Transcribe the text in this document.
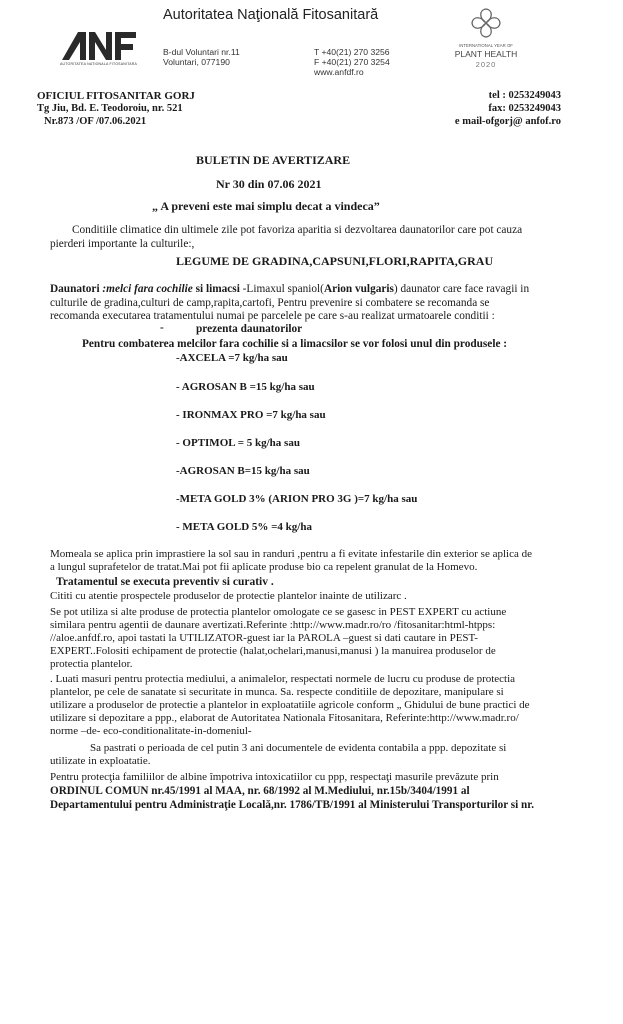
AUTORITATEA NATIONALA FITOSANITARA
Autoritatea Naţională Fitosanitară
B-dul Voluntari nr.11
Voluntari, 077190
T +40(21) 270 3256
F +40(21) 270 3254
www.anfdf.ro
INTERNATIONAL YEAR OF
PLANT HEALTH
2020
OFICIUL FITOSANITAR GORJ
Tg Jiu, Bd. E. Teodoroiu, nr. 521
Nr.873 /OF /07.06.2021
tel : 0253249043
fax: 0253249043
e mail-ofgorj@ anfof.ro
BULETIN DE AVERTIZARE
Nr 30 din 07.06 2021
„ A preveni este mai simplu decat a vindeca”
Conditiile climatice din ultimele zile pot favoriza aparitia si dezvoltarea daunatorilor care pot cauza
pierderi importante la culturile:,
LEGUME DE GRADINA,CAPSUNI,FLORI,RAPITA,GRAU
Daunatori :melci fara cochilie si limacsi -Limaxul spaniol(Arion vulgaris) daunator care face ravagii in
culturile de gradina,culturi de camp,rapita,cartofi, Pentru prevenire si combatere se recomanda se
recomanda executarea tratamentului numai pe parcelele pe care s-au realizat urmatoarele conditii :
-	prezenta daunatorilor
Pentru combaterea melcilor fara cochilie si a limacsilor se vor folosi unul din produsele :
-AXCELA =7 kg/ha sau
- AGROSAN B =15 kg/ha sau
- IRONMAX PRO =7 kg/ha sau
- OPTIMOL = 5 kg/ha sau
-AGROSAN B=15 kg/ha sau
-META GOLD 3% (ARION PRO 3G )=7 kg/ha sau
- META GOLD 5% =4 kg/ha
Momeala se aplica prin imprastiere la sol sau in randuri ,pentru a fi evitate infestarile din exterior se aplica de
a lungul suprafetelor de tratat.Mai pot fii aplicate produse bio ca repelent granulat de la Homevo.
Tratamentul se executa preventiv si curativ .
Cititi cu atentie prospectele produselor de protectie plantelor inainte de utilizarc .
Se pot utiliza si alte produse de protectia plantelor omologate ce se gasesc in PEST EXPERT cu actiune
similara pentru agentii de daunare avertizati.Referinte :http://www.madr.ro/ro /fitosanitar:html-htpps:
//aloe.anfdf.ro, apoi tastati la UTILIZATOR-guest iar la PAROLA –guest si dati cautare in PEST-
EXPERT..Folositi echipament de protectie (halat,ochelari,manusi,manusi ) la manuirea produselor de
protectia plantelor.
. Luati masuri pentru protectia mediului, a animalelor, respectati normele de lucru cu produse de protectia
plantelor, pe cele de sanatate si securitate in munca. Sa. respecte conditiile de depozitare, manipulare si
utilizare a produselor de protectie a plantelor in exploatatiile agricole conform „ Ghidului de bune practici de
utilizare si depozitare a ppp., elaborat de Autoritatea Nationala Fitosanitara, Referinte:http://www.madr.ro/
norme –de- eco-conditionalitate-in-domeniul-
Sa pastrati o perioada de cel putin 3 ani documentele de evidenta contabila a ppp. depozitate si
utilizate in exploatatie.
Pentru protecţia familiilor de albine împotriva intoxicatiilor cu ppp, respectaţi masurile prevăzute prin
ORDINUL COMUN nr.45/1991 al MAA, nr. 68/1992 al M.Mediului, nr.15b/3404/1991 al
Departamentului pentru Administraţie Locală,nr. 1786/TB/1991 al Ministerului Transporturilor si nr.
